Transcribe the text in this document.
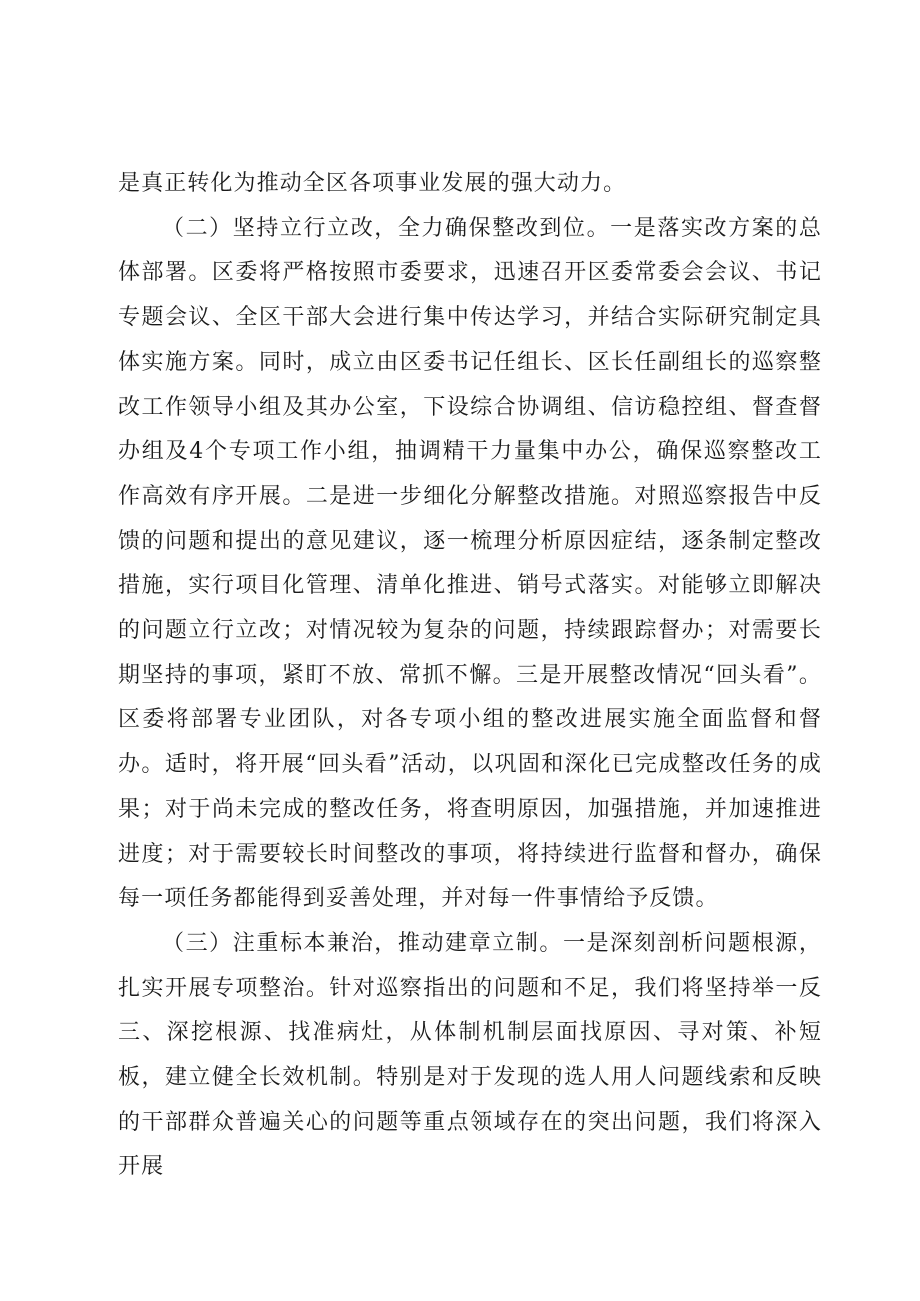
是真正转化为推动全区各项事业发展的强大动力。

（二）坚持立行立改，全力确保整改到位。一是落实改方案的总体部署。区委将严格按照市委要求，迅速召开区委常委会会议、书记专题会议、全区干部大会进行集中传达学习，并结合实际研究制定具体实施方案。同时，成立由区委书记任组长、区长任副组长的巡察整改工作领导小组及其办公室，下设综合协调组、信访稳控组、督查督办组及4个专项工作小组，抽调精干力量集中办公，确保巡察整改工作高效有序开展。二是进一步细化分解整改措施。对照巡察报告中反馈的问题和提出的意见建议，逐一梳理分析原因症结，逐条制定整改措施，实行项目化管理、清单化推进、销号式落实。对能够立即解决的问题立行立改；对情况较为复杂的问题，持续跟踪督办；对需要长期坚持的事项，紧盯不放、常抓不懈。三是开展整改情况“回头看”。区委将部署专业团队，对各专项小组的整改进展实施全面监督和督办。适时，将开展“回头看”活动，以巩固和深化已完成整改任务的成果；对于尚未完成的整改任务，将查明原因，加强措施，并加速推进进度；对于需要较长时间整改的事项，将持续进行监督和督办，确保每一项任务都能得到妥善处理，并对每一件事情给予反馈。

（三）注重标本兼治，推动建章立制。一是深刻剖析问题根源，扎实开展专项整治。针对巡察指出的问题和不足，我们将坚持举一反三、深挖根源、找准病灶，从体制机制层面找原因、寻对策、补短板，建立健全长效机制。特别是对于发现的选人用人问题线索和反映的干部群众普遍关心的问题等重点领域存在的突出问题，我们将深入开展
